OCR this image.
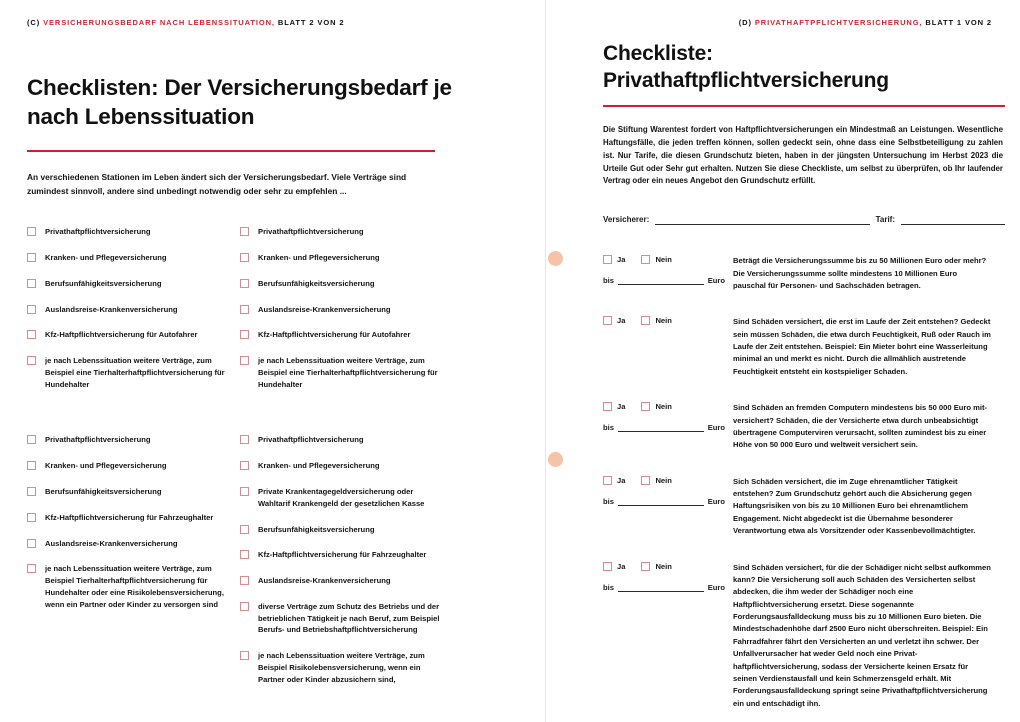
(C) VERSICHERUNGSBEDARF NACH LEBENSSITUATION, BLATT 2 VON 2
Checklisten: Der Versicherungsbedarf je nach Lebenssituation

An verschiedenen Stationen im Leben ändert sich der Versicherungsbedarf. Viele Verträge sind zumindest sinnvoll, andere sind unbedingt notwendig oder sehr zu empfehlen ...

Privathaftpflichtversicherung
Kranken- und Pflegeversicherung
Berufsunfähigkeitsversicherung
Auslandsreise-Krankenversicherung
Kfz-Haftpflichtversicherung für Autofahrer
je nach Lebenssituation weitere Verträge, zum Beispiel eine Tierhalterhaftpflichtversicherung für Hundehalter
Privathaftpflichtversicherung
Kranken- und Pflegeversicherung
Berufsunfähigkeitsversicherung
Auslandsreise-Krankenversicherung
Kfz-Haftpflichtversicherung für Autofahrer
je nach Lebenssituation weitere Verträge, zum Beispiel eine Tierhalterhaftpflichtversicherung für Hundehalter
Privathaftpflichtversicherung
Kranken- und Pflegeversicherung
Berufsunfähigkeitsversicherung
Kfz-Haftpflichtversicherung für Fahrzeughalter
Auslandsreise-Krankenversicherung
je nach Lebenssituation weitere Verträge, zum Beispiel Tierhalterhaftpflichtversicherung für Hundehalter oder eine Risikolebensversicherung, wenn ein Partner oder Kinder zu versorgen sind
Privathaftpflichtversicherung
Kranken- und Pflegeversicherung
Private Krankentagegeldversicherung oder Wahltarif Krankengeld der gesetzlichen Kasse
Berufsunfähigkeitsversicherung
Kfz-Haftpflichtversicherung für Fahrzeughalter
Auslandsreise-Krankenversicherung
diverse Verträge zum Schutz des Betriebs und der betrieblichen Tätigkeit je nach Beruf, zum Beispiel Berufs- und Betriebshaftpflichtversicherung
je nach Lebenssituation weitere Verträge, zum Beispiel Risikolebensversicherung, wenn ein Partner oder Kinder abzusichern sind,
(D) PRIVATHAFTPFLICHTVERSICHERUNG, BLATT 1 VON 2
Checkliste: Privathaftpflichtversicherung

Die Stiftung Warentest fordert von Haftpflichtversicherungen ein Mindestmaß an Leistungen. Wesentliche Haftungsfälle, die jeden treffen können, sollen gedeckt sein, ohne dass eine Selbstbeteiligung zu zahlen ist. Nur Tarife, die diesen Grundschutz bieten, haben in der jüngsten Untersuchung im Herbst 2023 die Urteile Gut oder Sehr gut erhalten. Nutzen Sie diese Checkliste, um selbst zu überprüfen, ob Ihr laufender Vertrag oder ein neues Angebot den Grundschutz erfüllt.

Versicherer:	Tarif:
Ja	Nein
bis	Euro
Beträgt die Versicherungssumme bis zu 50 Millionen Euro oder mehr? Die Versicherungssumme sollte mindestens 10 Millionen Euro pauschal für Personen- und Sachschäden betragen.
Ja	Nein	Sind Schäden versichert, die erst im Laufe der Zeit entstehen? Gedeckt sein müssen Schäden, die etwa durch Feuchtigkeit, Ruß oder Rauch im Laufe der Zeit entstehen. Beispiel: Ein Mieter bohrt eine Wasserleitung minimal an und merkt es nicht. Durch die allmählich austretende Feuchtigkeit entsteht ein kostspieliger Schaden.
Ja	Nein
bis	Euro
Sind Schäden an fremden Computern mindestens bis 50 000 Euro mitversichert? Schäden, die der Versicherte etwa durch unbeabsichtigt übertragene Computerviren verursacht, sollten zumindest bis zu einer Höhe von 50 000 Euro und weltweit versichert sein.
Ja	Nein
bis	Euro
Sich Schäden versichert, die im Zuge ehrenamtlicher Tätigkeit entstehen? Zum Grundschutz gehört auch die Absicherung gegen Haftungsrisiken von bis zu 10 Millionen Euro bei ehrenamtlichem Engagement. Nicht abgedeckt ist die Übernahme besonderer Verantwortung etwa als Vorsitzender oder Kassenbevollmächtigter.
Ja	Nein
bis	Euro
Sind Schäden versichert, für die der Schädiger nicht selbst aufkommen kann? Die Versicherung soll auch Schäden des Versicherten selbst abdecken, die ihm weder der Schädiger noch eine Haftpflichtversicherung ersetzt. Diese sogenannte Forderungsausfalldeckung muss bis zu 10 Millionen Euro bieten. Die Mindestschadenhöhe darf 2500 Euro nicht überschreiten. Beispiel: Ein Fahrradfahrer fährt den Versicherten an und verletzt ihn schwer. Der Unfallverursacher hat weder Geld noch eine Privathaftpflichtversicherung, sodass der Versicherte keinen Ersatz für seinen Verdienstausfall und kein Schmerzensgeld erhält. Mit Forderungsausfalldeckung springt seine Privathaftpflichtversicherung ein und entschädigt ihn.
